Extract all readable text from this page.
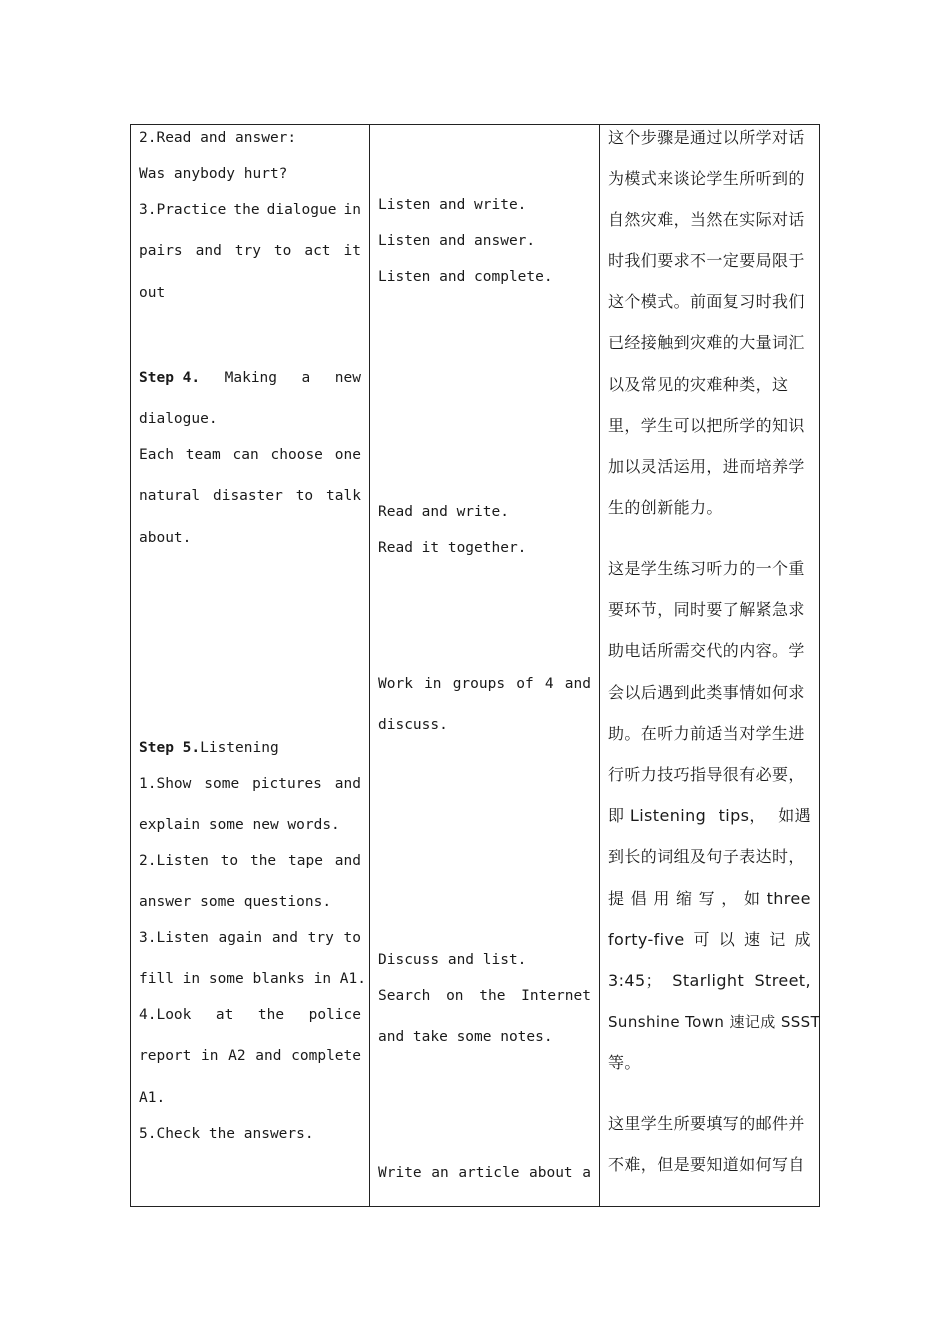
2.Read and answer:
Was anybody hurt?
3.Practice the dialogue in
pairs and try to act it
out
Step 4. Making a new
dialogue.
Each team can choose one
natural disaster to talk
about.
Step 5.Listening
1.Show some pictures and
explain some new words.
2.Listen to the tape and
answer some questions.
3.Listen again and try to
fill in some blanks in A1.
4.Look at the police
report in A2 and complete
A1.
5.Check the answers.
Listen and write.
Listen and answer.
Listen and complete.
Read and write.
Read it together.
Work in groups of 4 and
discuss.
Discuss and list.
Search on the Internet
and take some notes.
Write an article about a
这个步骤是通过以所学对话
为模式来谈论学生所听到的
自然灾难，当然在实际对话
时我们要求不一定要局限于
这个模式。前面复习时我们
已经接触到灾难的大量词汇
以及常见的灾难种类，这
里，学生可以把所学的知识
加以灵活运用，进而培养学
生的创新能力。
这是学生练习听力的一个重
要环节，同时要了解紧急求
助电话所需交代的内容。学
会以后遇到此类事情如何求
助。在听力前适当对学生进
行听力技巧指导很有必要，
即 Listening tips， 如遇
到长的词组及句子表达时，
提 倡 用 缩 写 ， 如 three
forty-five 可 以 速 记 成
3:45； Starlight Street,
Sunshine Town 速记成 SSST
等。
这里学生所要填写的邮件并
不难，但是要知道如何写自
